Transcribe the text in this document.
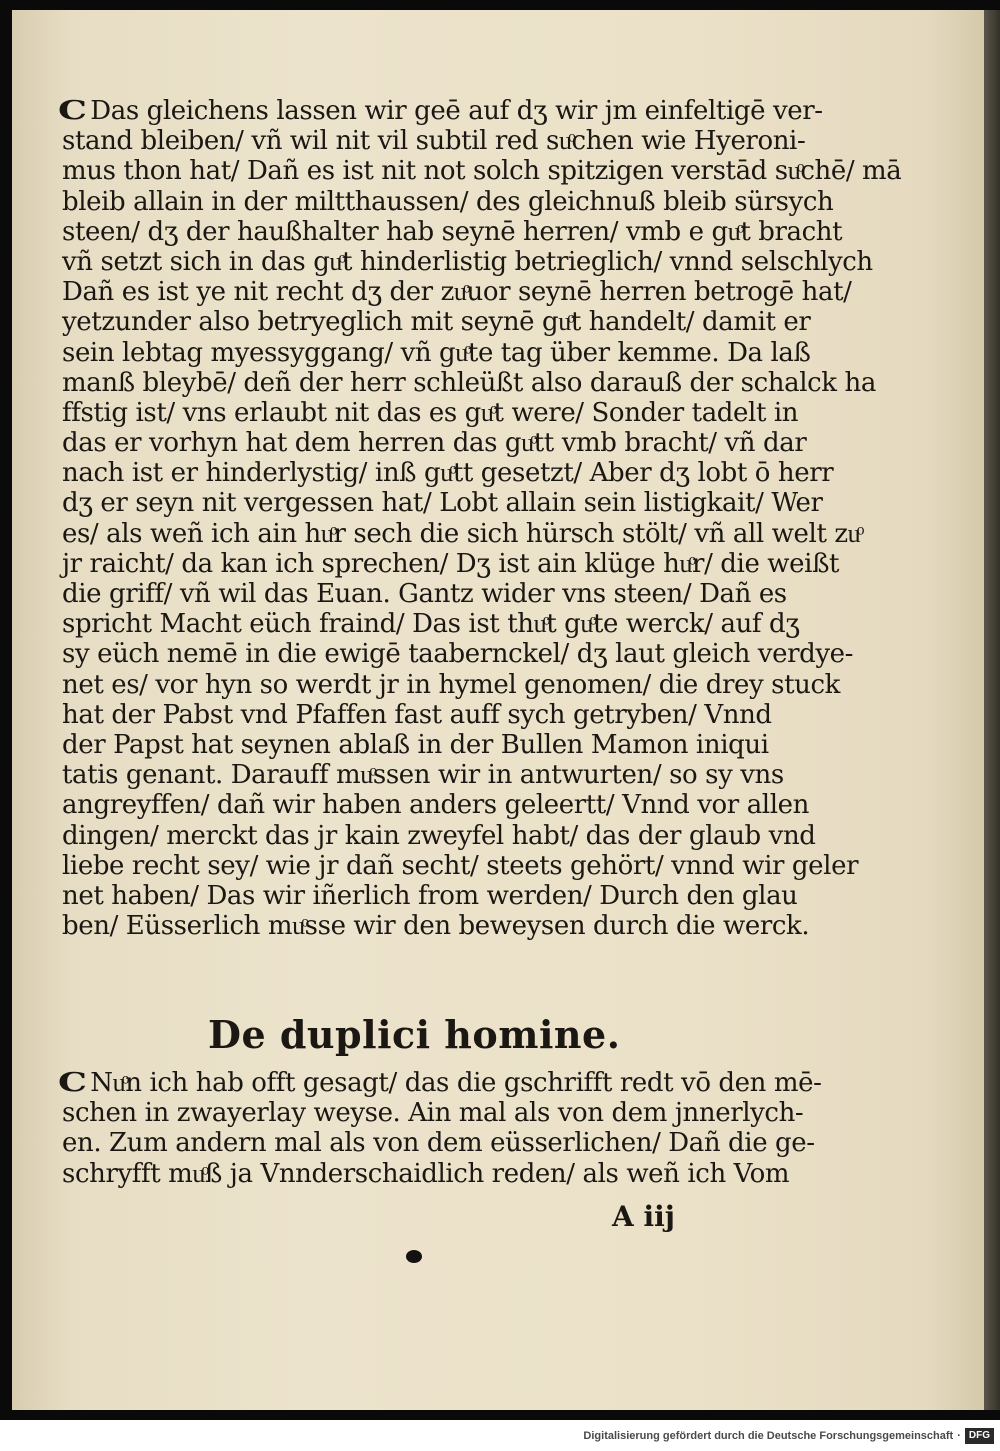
C Das gleichens lassen wir geē auf dʒ wir jm einfeltigē ver-
stand bleiben/ vñ wil nit vil subtil red suͦchen wie Hyeroni-
mus thon hat/ Dañ es ist nit not solch spitzigen verstād suͦchē/ mā
bleib allain in der miltthaussen/ des gleichnuß bleib sürsych
steen/ dʒ der haußhalter hab seynē herren/ vmb e guͦt bracht
vñ setzt sich in das guͦt hinderlistig betrieglich/ vnnd selschlych
Dañ es ist ye nit recht dʒ der zuͦuor seynē herren betrogē hat/
yetzunder also betryeglich mit seynē guͦt handelt/ damit er
sein lebtag myessyggang/ vñ guͦte tag über kemme. Da laß
manß bleybē/ deñ der herr schleüßt also darauß der schalck ha
ffstig ist/ vns erlaubt nit das es guͦt were/ Sonder tadelt in
das er vorhyn hat dem herren das guͦtt vmb bracht/ vñ dar
nach ist er hinderlystig/ inß guͦtt gesetzt/ Aber dʒ lobt ō herr
dʒ er seyn nit vergessen hat/ Lobt allain sein listigkait/ Wer
es/ als weñ ich ain huͦr sech die sich hürsch stölt/ vñ all welt zuͦ
jr raicht/ da kan ich sprechen/ Dʒ ist ain klüge huͦr/ die weißt
die griff/ vñ wil das Euan. Gantz wider vns steen/ Dañ es
spricht Macht eüch fraind/ Das ist thuͦt guͦte werck/ auf dʒ
sy eüch nemē in die ewigē taabernckel/ dʒ laut gleich verdye-
net es/ vor hyn so werdt jr in hymel genomen/ die drey stuck
hat der Pabst vnd Pfaffen fast auff sych getryben/ Vnnd
der Papst hat seynen ablaß in der Bullen Mamon iniqui
tatis genant. Darauff muͦssen wir in antwurten/ so sy vns
angreyffen/ dañ wir haben anders geleertt/ Vnnd vor allen
dingen/ merckt das jr kain zweyfel habt/ das der glaub vnd
liebe recht sey/ wie jr dañ secht/ steets gehört/ vnnd wir geler
net haben/ Das wir iñerlich from werden/ Durch den glau
ben/ Eüsserlich muͦsse wir den beweysen durch die werck.
De duplici homine.
C Nuͦn ich hab offt gesagt/ das die gschrifft redt vō den mē-
schen in zwayerlay weyse. Ain mal als von dem jnnerlych-
en. Zum andern mal als von dem eüsserlichen/ Dañ die ge-
schryfft muͦß ja Vnnderschaidlich reden/ als weñ ich Vom
A iij
Digitalisierung gefördert durch die Deutsche Forschungsgemeinschaft · DFG
